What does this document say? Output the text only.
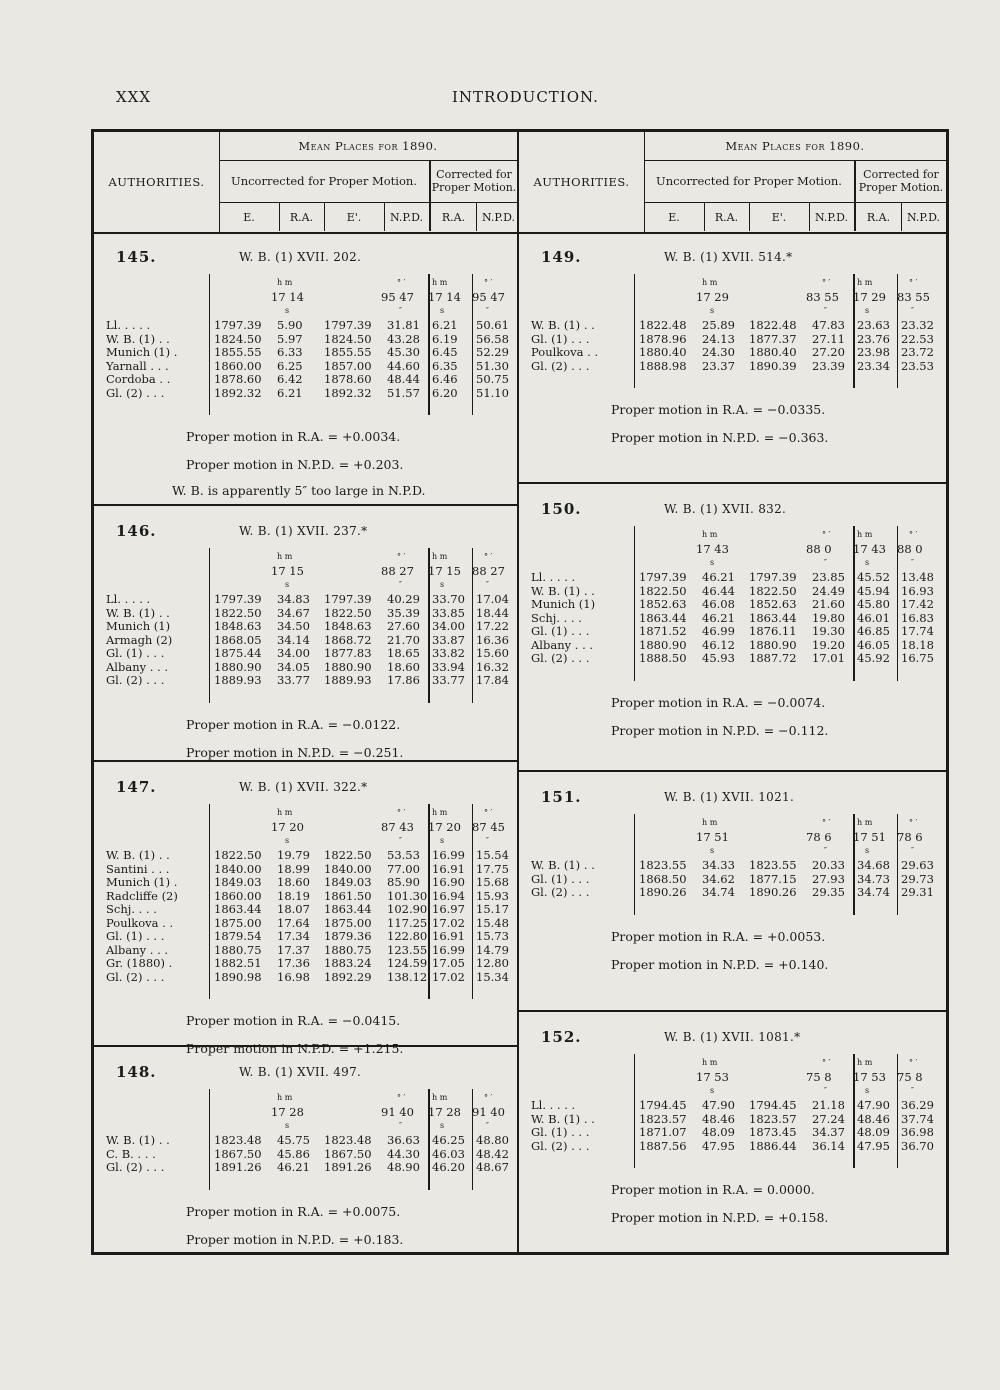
XXX	INTRODUCTION.
AUTHORITIES.
Mean Places for 1890.
Uncorrected for Proper Motion.	Corrected for Proper Motion.
E.	R.A.	E'.	N.P.D.	R.A.	N.P.D.
145.	W. B. (1) XVII. 202.
h m
17 14
s
° ′
95 47
″
h m
17 14
s
° ′
95 47
″
Ll. . . . .	1797.39 5.90 1797.39 31.81 6.21 50.61
W. B. (1) . .	1824.50 5.97 1824.50 43.28 6.19 56.58
Munich (1) .	1855.55 6.33 1855.55 45.30 6.45 52.29
Yarnall . . .	1860.00 6.25 1857.00 44.60 6.35 51.30
Cordoba . .	1878.60 6.42 1878.60 48.44 6.46 50.75
Gl. (2) . . .	1892.32 6.21 1892.32 51.57 6.20 51.10
Proper motion in R.A. = +0.0034.
Proper motion in N.P.D. = +0.203.
W. B. is apparently 5″ too large in N.P.D.
146.	W. B. (1) XVII. 237.*
h m
17 15
s
° ′
88 27
″
h m
17 15
s
° ′
88 27
″
Ll. . . . .	1797.39 34.83 1797.39 40.29 33.70 17.04
W. B. (1) . .	1822.50 34.67 1822.50 35.39 33.85 18.44
Munich (1)	1848.63 34.50 1848.63 27.60 34.00 17.22
Armagh (2)	1868.05 34.14 1868.72 21.70 33.87 16.36
Gl. (1) . . .	1875.44 34.00 1877.83 18.65 33.82 15.60
Albany . . .	1880.90 34.05 1880.90 18.60 33.94 16.32
Gl. (2) . . .	1889.93 33.77 1889.93 17.86 33.77 17.84
Proper motion in R.A. = −0.0122.
Proper motion in N.P.D. = −0.251.
147.	W. B. (1) XVII. 322.*
h m
17 20
s
° ′
87 43
″
h m
17 20
s
° ′
87 45
″
W. B. (1) . .	1822.50 19.79 1822.50 53.53 16.99 15.54
Santini . . .	1840.00 18.99 1840.00 77.00 16.91 17.75
Munich (1) .	1849.03 18.60 1849.03 85.90 16.90 15.68
Radcliffe (2)	1860.00 18.19 1861.50 101.30 16.94 15.93
Schj. . . .	1863.44 18.07 1863.44 102.90 16.97 15.17
Poulkova . .	1875.00 17.64 1875.00 117.25 17.02 15.48
Gl. (1) . . .	1879.54 17.34 1879.36 122.80 16.91 15.73
Albany . . .	1880.75 17.37 1880.75 123.55 16.99 14.79
Gr. (1880) .	1882.51 17.36 1883.24 124.59 17.05 12.80
Gl. (2) . . .	1890.98 16.98 1892.29 138.12 17.02 15.34
Proper motion in R.A. = −0.0415.
Proper motion in N.P.D. = +1.215.
148.	W. B. (1) XVII. 497.
h m
17 28
s
° ′
91 40
″
h m
17 28
s
° ′
91 40
″
W. B. (1) . .	1823.48 45.75 1823.48 36.63 46.25 48.80
C. B. . . .	1867.50 45.86 1867.50 44.30 46.03 48.42
Gl. (2) . . .	1891.26 46.21 1891.26 48.90 46.20 48.67
Proper motion in R.A. = +0.0075.
Proper motion in N.P.D. = +0.183.
AUTHORITIES.
Mean Places for 1890.
Uncorrected for Proper Motion.	Corrected for Proper Motion.
E.	R.A.	E'.	N.P.D.	R.A.	N.P.D.
149.	W. B. (1) XVII. 514.*
h m
17 29
s
° ′
83 55
″
h m
17 29
s
° ′
83 55
″
W. B. (1) . .	1822.48 25.89 1822.48 47.83 23.63 23.32
Gl. (1) . . .	1878.96 24.13 1877.37 27.11 23.76 22.53
Poulkova . .	1880.40 24.30 1880.40 27.20 23.98 23.72
Gl. (2) . . .	1888.98 23.37 1890.39 23.39 23.34 23.53
Proper motion in R.A. = −0.0335.
Proper motion in N.P.D. = −0.363.
150.	W. B. (1) XVII. 832.
h m
17 43
s
° ′
88 0
″
h m
17 43
s
° ′
88 0
″
Ll. . . . .	1797.39 46.21 1797.39 23.85 45.52 13.48
W. B. (1) . .	1822.50 46.44 1822.50 24.49 45.94 16.93
Munich (1)	1852.63 46.08 1852.63 21.60 45.80 17.42
Schj. . . .	1863.44 46.21 1863.44 19.80 46.01 16.83
Gl. (1) . . .	1871.52 46.99 1876.11 19.30 46.85 17.74
Albany . . .	1880.90 46.12 1880.90 19.20 46.05 18.18
Gl. (2) . . .	1888.50 45.93 1887.72 17.01 45.92 16.75
Proper motion in R.A. = −0.0074.
Proper motion in N.P.D. = −0.112.
151.	W. B. (1) XVII. 1021.
h m
17 51
s
° ′
78 6
″
h m
17 51
s
° ′
78 6
″
W. B. (1) . .	1823.55 34.33 1823.55 20.33 34.68 29.63
Gl. (1) . . .	1868.50 34.62 1877.15 27.93 34.73 29.73
Gl. (2) . . .	1890.26 34.74 1890.26 29.35 34.74 29.31
Proper motion in R.A. = +0.0053.
Proper motion in N.P.D. = +0.140.
152.	W. B. (1) XVII. 1081.*
h m
17 53
s
° ′
75 8
″
h m
17 53
s
° ′
75 8
″
Ll. . . . .	1794.45 47.90 1794.45 21.18 47.90 36.29
W. B. (1) . .	1823.57 48.46 1823.57 27.24 48.46 37.74
Gl. (1) . . .	1871.07 48.09 1873.45 34.37 48.09 36.98
Gl. (2) . . .	1887.56 47.95 1886.44 36.14 47.95 36.70
Proper motion in R.A. = 0.0000.
Proper motion in N.P.D. = +0.158.
